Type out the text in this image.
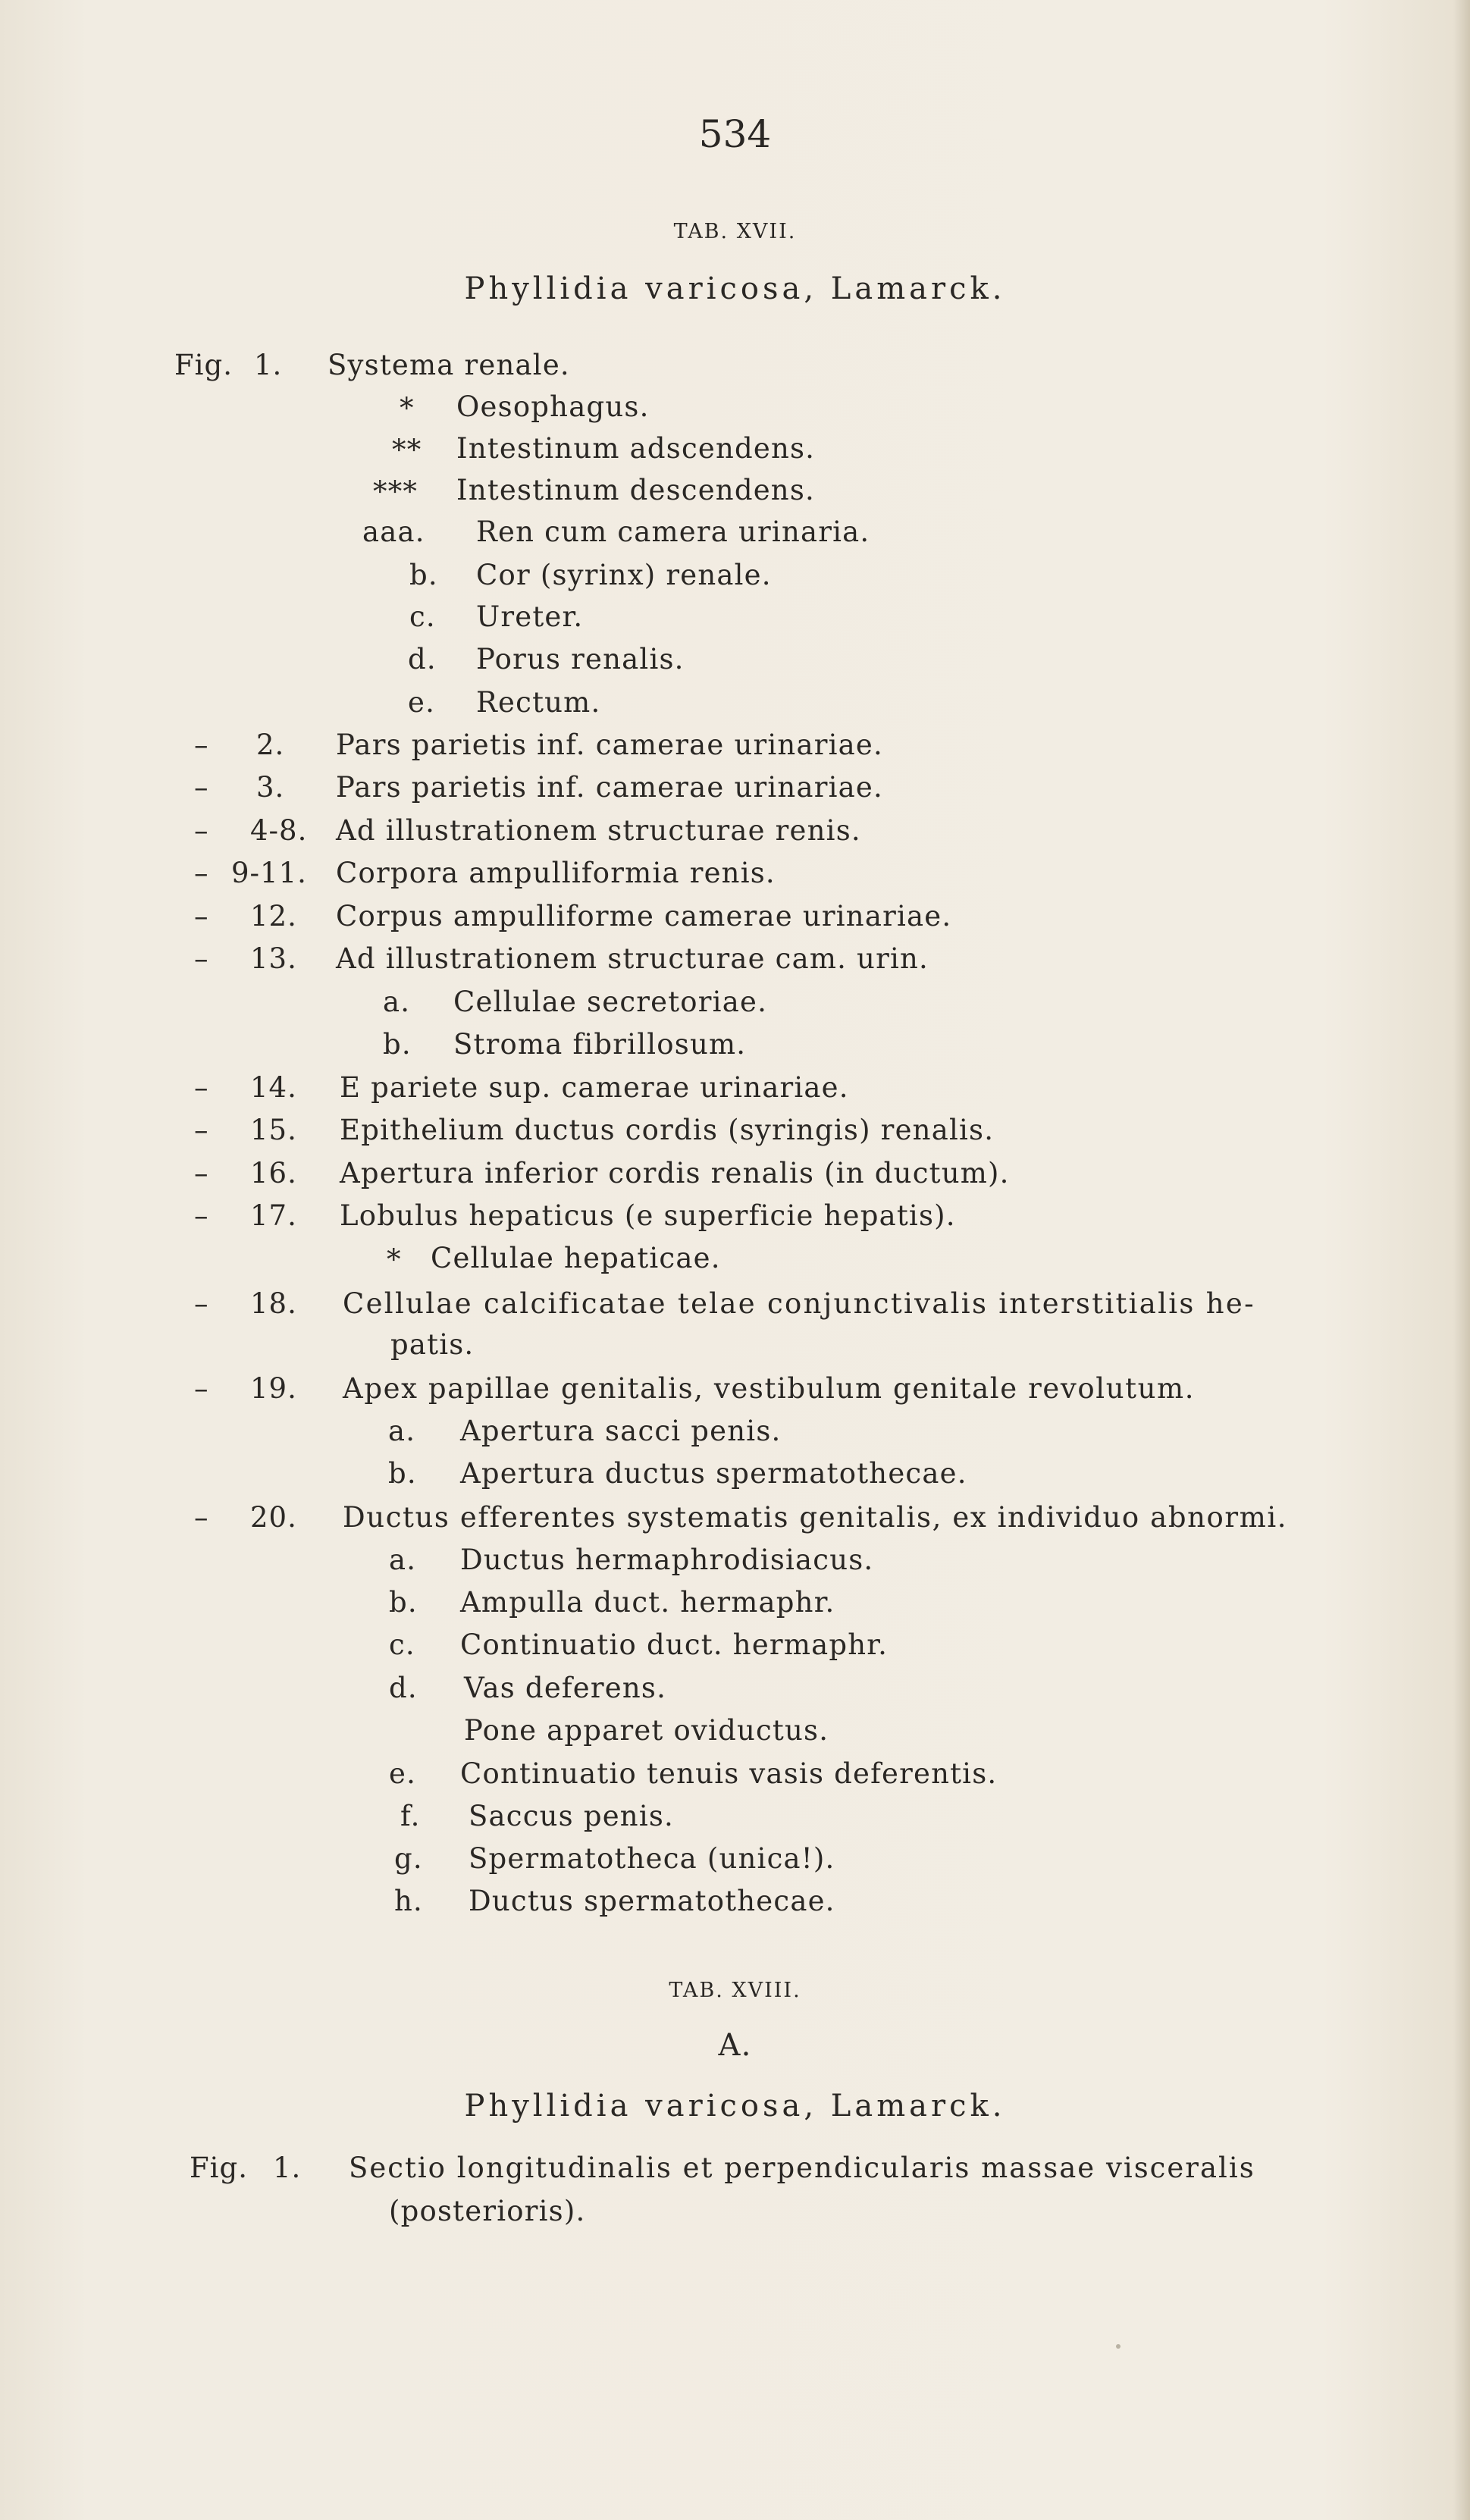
534
TAB. XVII.
Phyllidia varicosa, Lamarck.
Fig. 1. Systema renale.
* Oesophagus.
** Intestinum adscendens.
*** Intestinum descendens.
aaa. Ren cum camera urinaria.
b. Cor (syrinx) renale.
c. Ureter.
d. Porus renalis.
e. Rectum.
– 2. Pars parietis inf. camerae urinariae.
– 3. Pars parietis inf. camerae urinariae.
– 4-8. Ad illustrationem structurae renis.
– 9-11. Corpora ampulliformia renis.
– 12. Corpus ampulliforme camerae urinariae.
– 13. Ad illustrationem structurae cam. urin.
a. Cellulae secretoriae.
b. Stroma fibrillosum.
– 14. E pariete sup. camerae urinariae.
– 15. Epithelium ductus cordis (syringis) renalis.
– 16. Apertura inferior cordis renalis (in ductum).
– 17. Lobulus hepaticus (e superficie hepatis).
* Cellulae hepaticae.
– 18. Cellulae calcificatae telae conjunctivalis interstitialis he-
patis.
– 19. Apex papillae genitalis, vestibulum genitale revolutum.
a. Apertura sacci penis.
b. Apertura ductus spermatothecae.
– 20. Ductus efferentes systematis genitalis, ex individuo abnormi.
a. Ductus hermaphrodisiacus.
b. Ampulla duct. hermaphr.
c. Continuatio duct. hermaphr.
d. Vas deferens.
Pone apparet oviductus.
e. Continuatio tenuis vasis deferentis.
f. Saccus penis.
g. Spermatotheca (unica!).
h. Ductus spermatothecae.
TAB. XVIII.
A.
Phyllidia varicosa, Lamarck.
Fig. 1. Sectio longitudinalis et perpendicularis massae visceralis
(posterioris).
